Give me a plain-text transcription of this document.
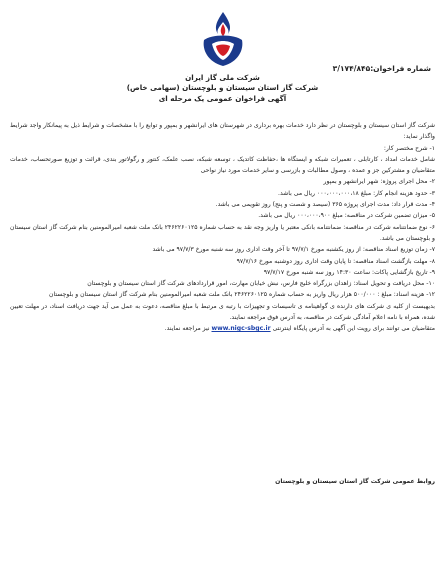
شماره فراخوان:۳/۱۷۴/۸۴۵
شرکت ملی گاز ایران
شرکت گاز استان سیستان و بلوچستان (سهامی خاص)
آگهی فراخوان عمومی یک مرحله ای

شرکت گاز استان سیستان و بلوچستان در نظر دارد خدمات بهره برداری در شهرستان های ایرانشهر و بمپور و توابع را با مشخصات و شرایط ذیل به پیمانکار واجد شرایط واگذار نماید:

۱- شرح مختصر کار:

شامل خدمات امداد ، کارتابلی ، تعمیرات شبکه و ایستگاه ها ،حفاظت کاتدیک ، توسعه شبکه، نصب علمک، کنتور و رگولاتور بندی، قرائت و توزیع صورتحساب، خدمات متقاضیان و مشترکین جز و عمده ، وصول مطالبات و بازرسی و سایر خدمات مورد نیاز نواحی

۲- محل اجرای پروژه: شهر ایرانشهر و بمپور

۳- حدود هزینه انجام کار: مبلغ ۰۰۰،۰۰۰،۰۰۰،۱۸ ریال می باشد.

۴- مدت قرار داد: مدت اجرای پروژه ۳۶۵ (سیصد و شصت و پنج) روز تقویمی می باشد.

۵- میزان تضمین شرکت در مناقصه: مبلغ ۰۰۰،۰۰۰،۹۰۰ ریال می باشد.

۶- نوع ضمانتنامه شرکت در مناقصه: ضمانتنامه بانکی معتبر یا واریز وجه نقد به حساب شماره ۲۴۶۲۲۶۰۱۲۵ بانک ملت شعبه امیرالمومنین بنام شرکت گاز استان سیستان و بلوچستان می باشد.

۷- زمان توزیع اسناد مناقصه: از روز یکشنبه مورخ ۹۷/۷/۱ تا آخر وقت اداری روز سه شنبه مورخ ۹۷/۷/۳ می باشد

۸- مهلت بازگشت اسناد مناقصه: تا پایان وقت اداری روز دوشنبه مورخ ۹۷/۷/۱۶

۹- تاریخ بازگشایی پاکات: ساعت ۱۴:۳۰ روز سه شنبه مورخ ۹۷/۷/۱۷

۱۰- محل دریافت و تحویل اسناد: زاهدان بزرگراه خلیج فارس، نبش خیابان مهارت، امور قراردادهای شرکت گاز استان سیستان و بلوچستان

۱۲- هزینه اسناد: مبلغ : ۵۰۰/۰۰۰ هزار ریال واریز به حساب شماره ۲۴۶۲۲۶۰۱۲۵ بانک ملت شعبه امیرالمومنین بنام شرکت گاز استان سیستان و بلوچستان

بدیهیست از کلیه ی شرکت های دارنده ی گواهینامه ی تاسیسات و تجهیزات با رتبه ی مرتبط با مبلغ مناقصه، دعوت به عمل می آید جهت دریافت اسناد، در مهلت تعیین شده، همراه با نامه اعلام آمادگی شرکت در مناقصه، به آدرس فوق مراجعه نمایند.

متقاضیان می توانند برای رویت این آگهی به آدرس پایگاه اینترنتی www.nigc-sbgc.ir نیز مراجعه نمایند.

روابط عمومی شرکت گاز استان سیستان و بلوچستان
